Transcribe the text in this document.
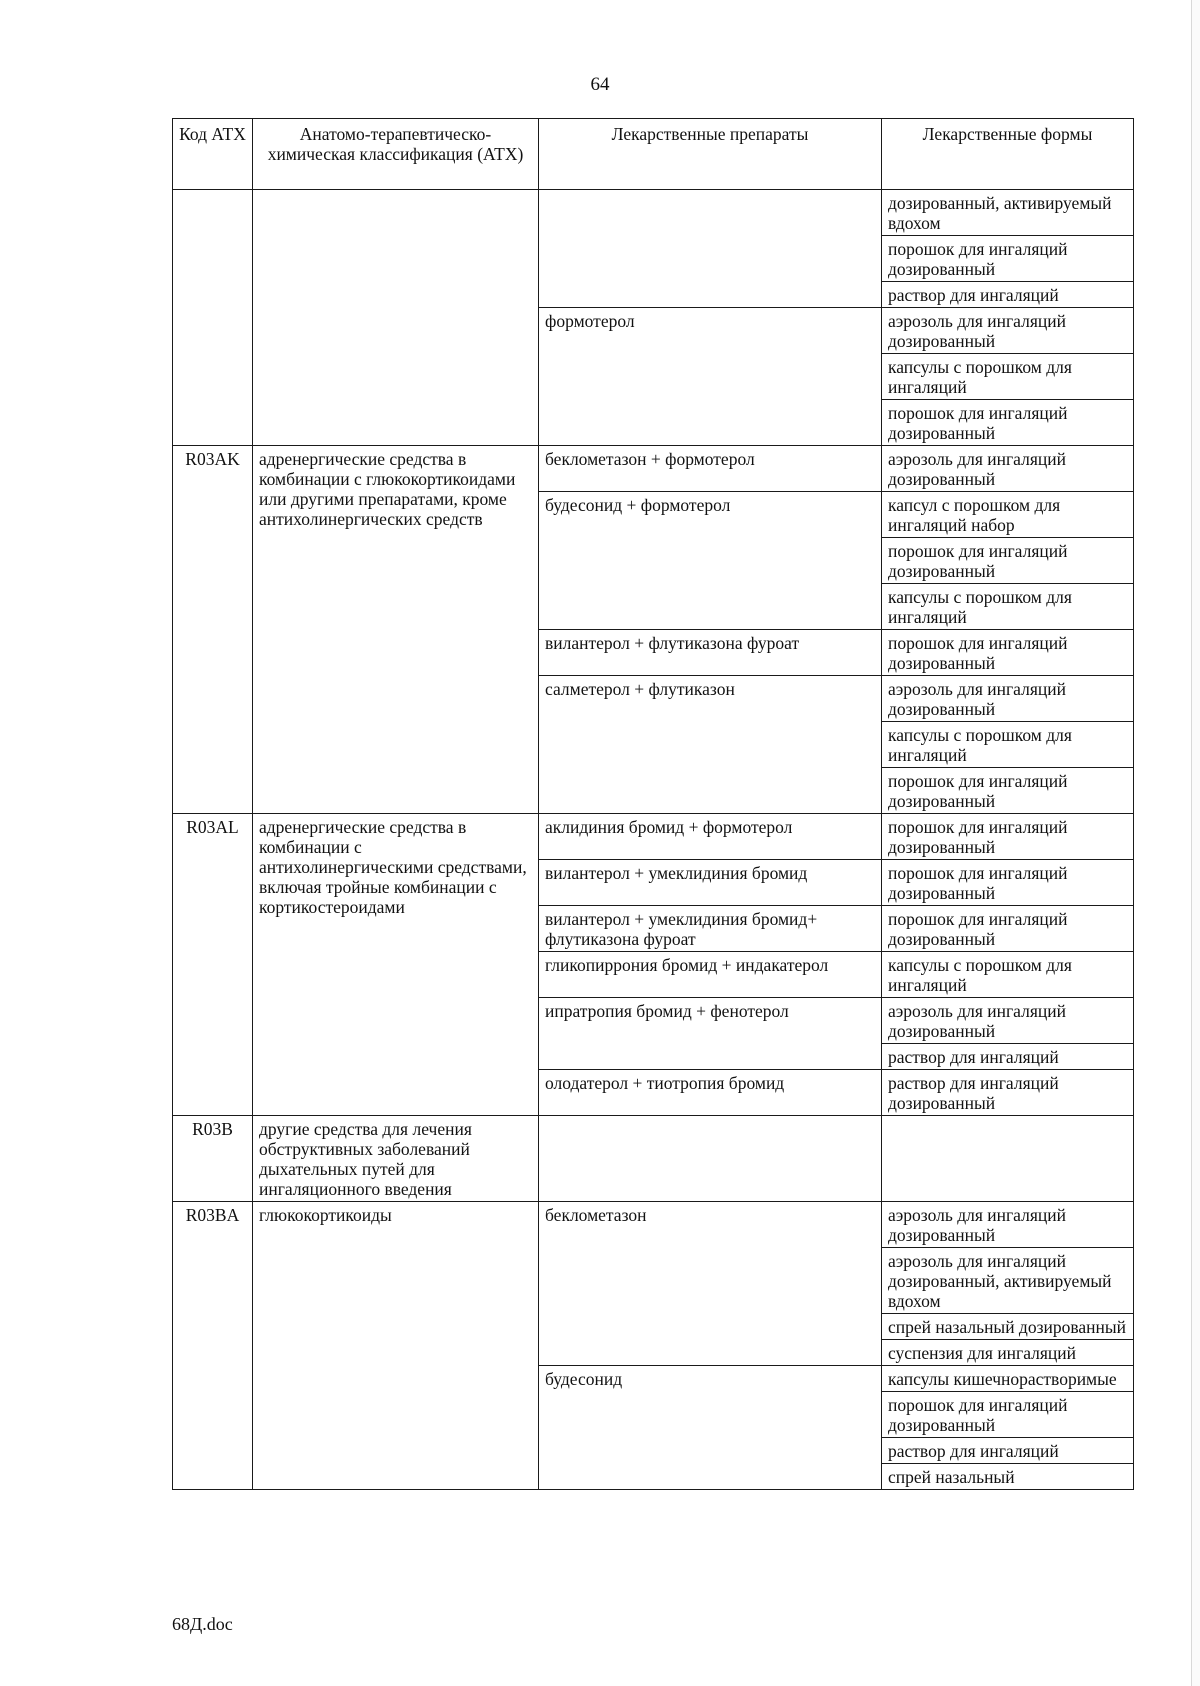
64
Код АТХ	Анатомо-терапевтическо-химическая классификация (АТХ)	Лекарственные препараты	Лекарственные формы
			дозированный, активируемый вдохом
			порошок для ингаляций дозированный
			раствор для ингаляций
		формотерол	аэрозоль для ингаляций дозированный
			капсулы с порошком для ингаляций
			порошок для ингаляций дозированный
R03AK	адренергические средства в комбинации с глюкокортикоидами или другими препаратами, кроме антихолинергических средств	беклометазон + формотерол	аэрозоль для ингаляций дозированный
		будесонид + формотерол	капсул с порошком для ингаляций набор
			порошок для ингаляций дозированный
			капсулы с порошком для ингаляций
		вилантерол + флутиказона фуроат	порошок для ингаляций дозированный
		салметерол + флутиказон	аэрозоль для ингаляций дозированный
			капсулы с порошком для ингаляций
			порошок для ингаляций дозированный
R03AL	адренергические средства в комбинации с антихолинергическими средствами, включая тройные комбинации с кортикостероидами	аклидиния бромид + формотерол	порошок для ингаляций дозированный
		вилантерол + умеклидиния бромид	порошок для ингаляций дозированный
		вилантерол + умеклидиния бромид+ флутиказона фуроат	порошок для ингаляций дозированный
		гликопиррония бромид + индакатерол	капсулы с порошком для ингаляций
		ипратропия бромид + фенотерол	аэрозоль для ингаляций дозированный
			раствор для ингаляций
		олодатерол + тиотропия бромид	раствор для ингаляций дозированный
R03B	другие средства для лечения обструктивных заболеваний дыхательных путей для ингаляционного введения		
R03BA	глюкокортикоиды	беклометазон	аэрозоль для ингаляций дозированный
			аэрозоль для ингаляций дозированный, активируемый вдохом
			спрей назальный дозированный
			суспензия для ингаляций
		будесонид	капсулы кишечнорастворимые
			порошок для ингаляций дозированный
			раствор для ингаляций
			спрей назальный
68Д.doc
